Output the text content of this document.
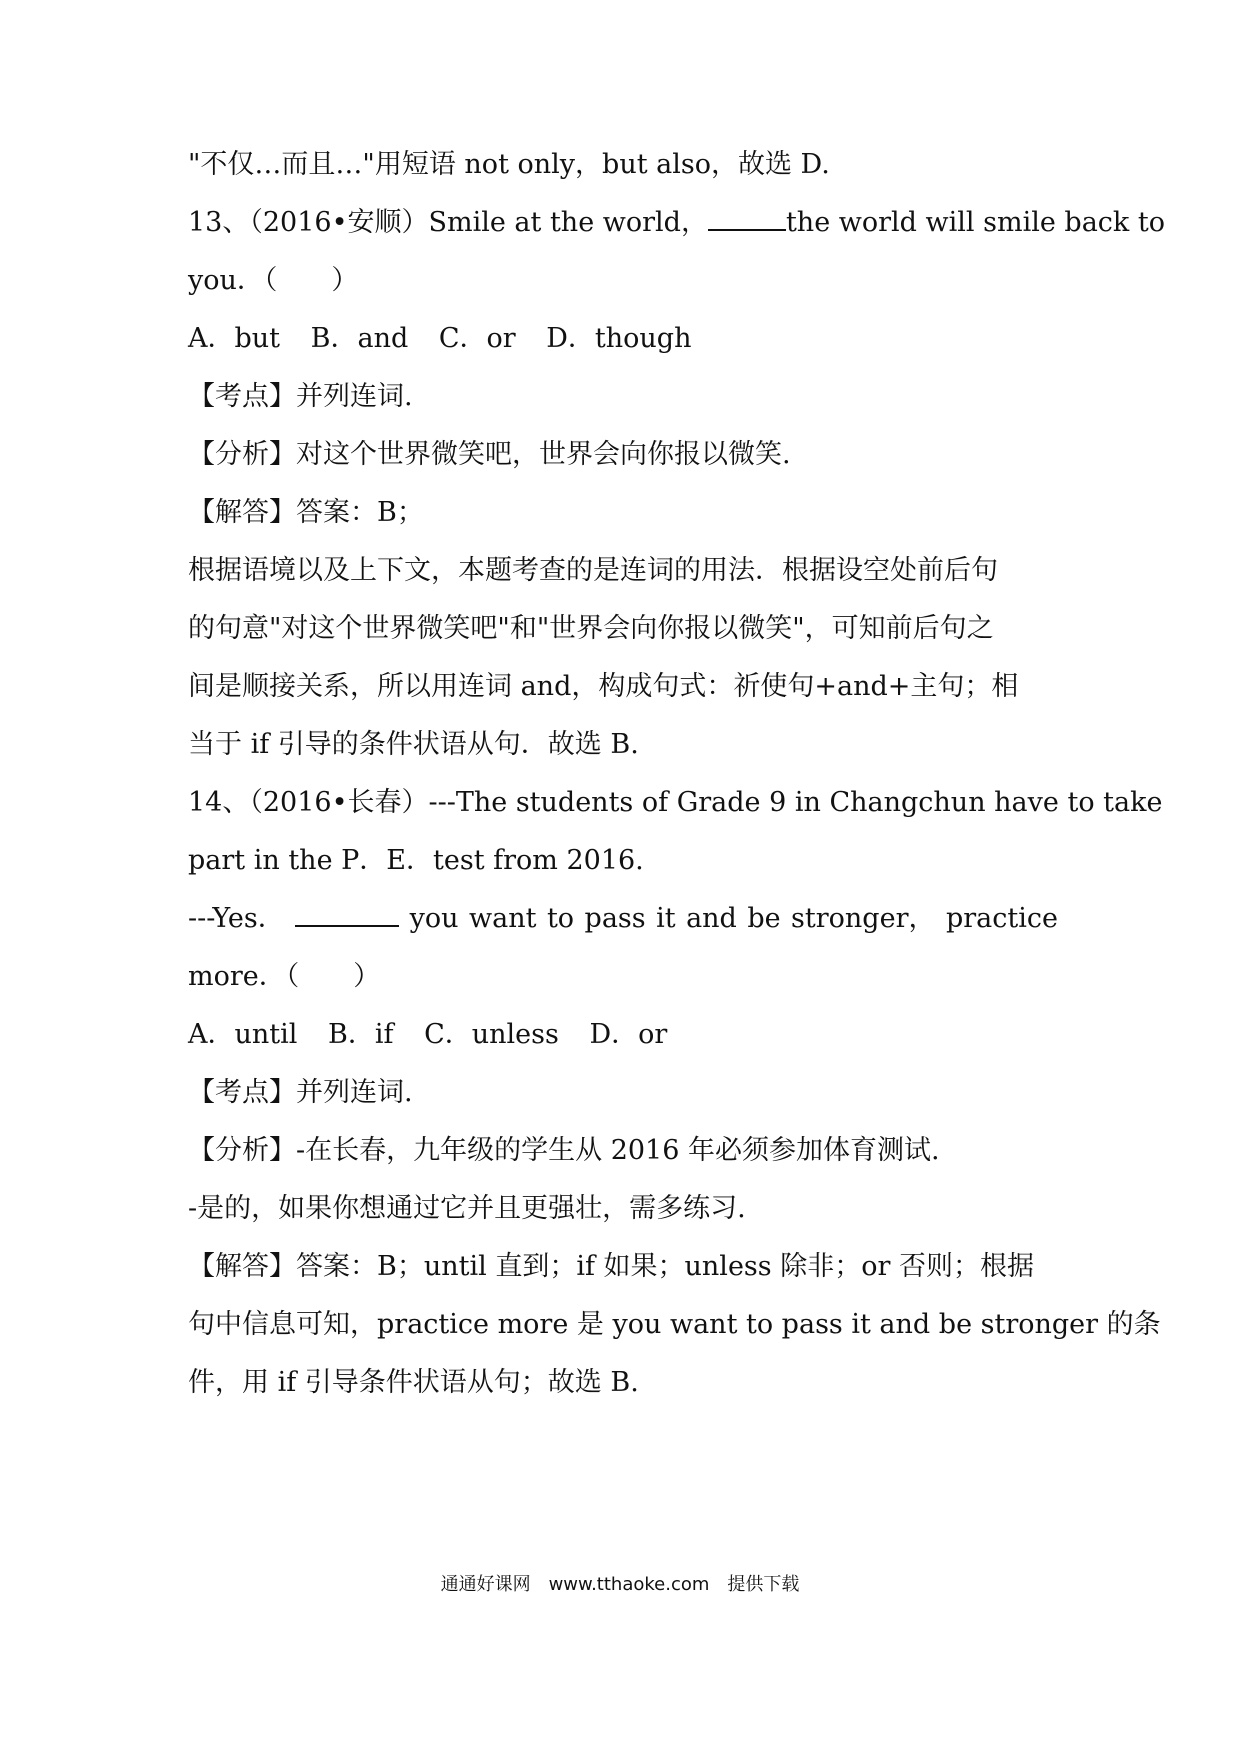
"不仅…而且…"用短语 not only，but also，故选 D.
13、（2016•安顺）Smile at the world，	the world will smile back to
you．（　　）
A．but B．and C．or D．though
【考点】并列连词.
【分析】对这个世界微笑吧，世界会向你报以微笑.
【解答】答案：B；
根据语境以及上下文，本题考查的是连词的用法．根据设空处前后句
的句意"对这个世界微笑吧"和"世界会向你报以微笑"，可知前后句之
间是顺接关系，所以用连词 and，构成句式：祈使句+and+主句；相
当于 if 引导的条件状语从句．故选 B.
14、（2016•长春）---The students of Grade 9 in Changchun have to take
part in the P．E．test from 2016.
---Yes．	you want to pass it and be stronger， practice
more．（　　）
A．until B．if C．unless D．or
【考点】并列连词.
【分析】-在长春，九年级的学生从 2016 年必须参加体育测试.
-是的，如果你想通过它并且更强壮，需多练习.
【解答】答案：B；until 直到；if 如果；unless 除非；or 否则；根据
句中信息可知，practice more 是 you want to pass it and be stronger 的条
件，用 if 引导条件状语从句；故选 B.
通通好课网　www.tthaoke.com　提供下载
